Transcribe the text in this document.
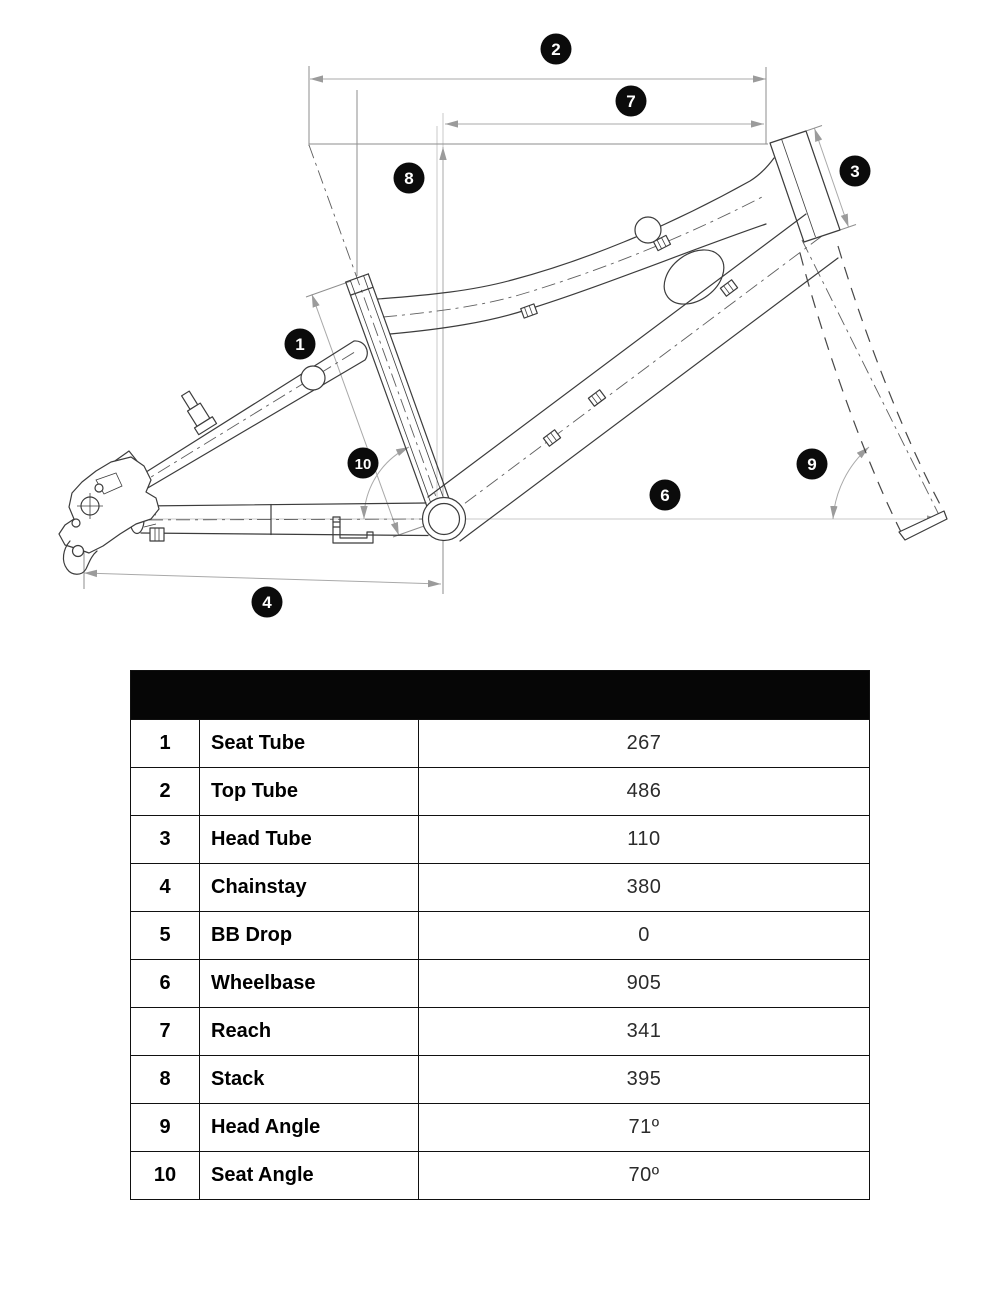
1
2
3
4
6
7
8
9
10
1	Seat Tube	267
2	Top Tube	486
3	Head Tube	110
4	Chainstay	380
5	BB Drop	0
6	Wheelbase	905
7	Reach	341
8	Stack	395
9	Head Angle	71º
10	Seat Angle	70º
